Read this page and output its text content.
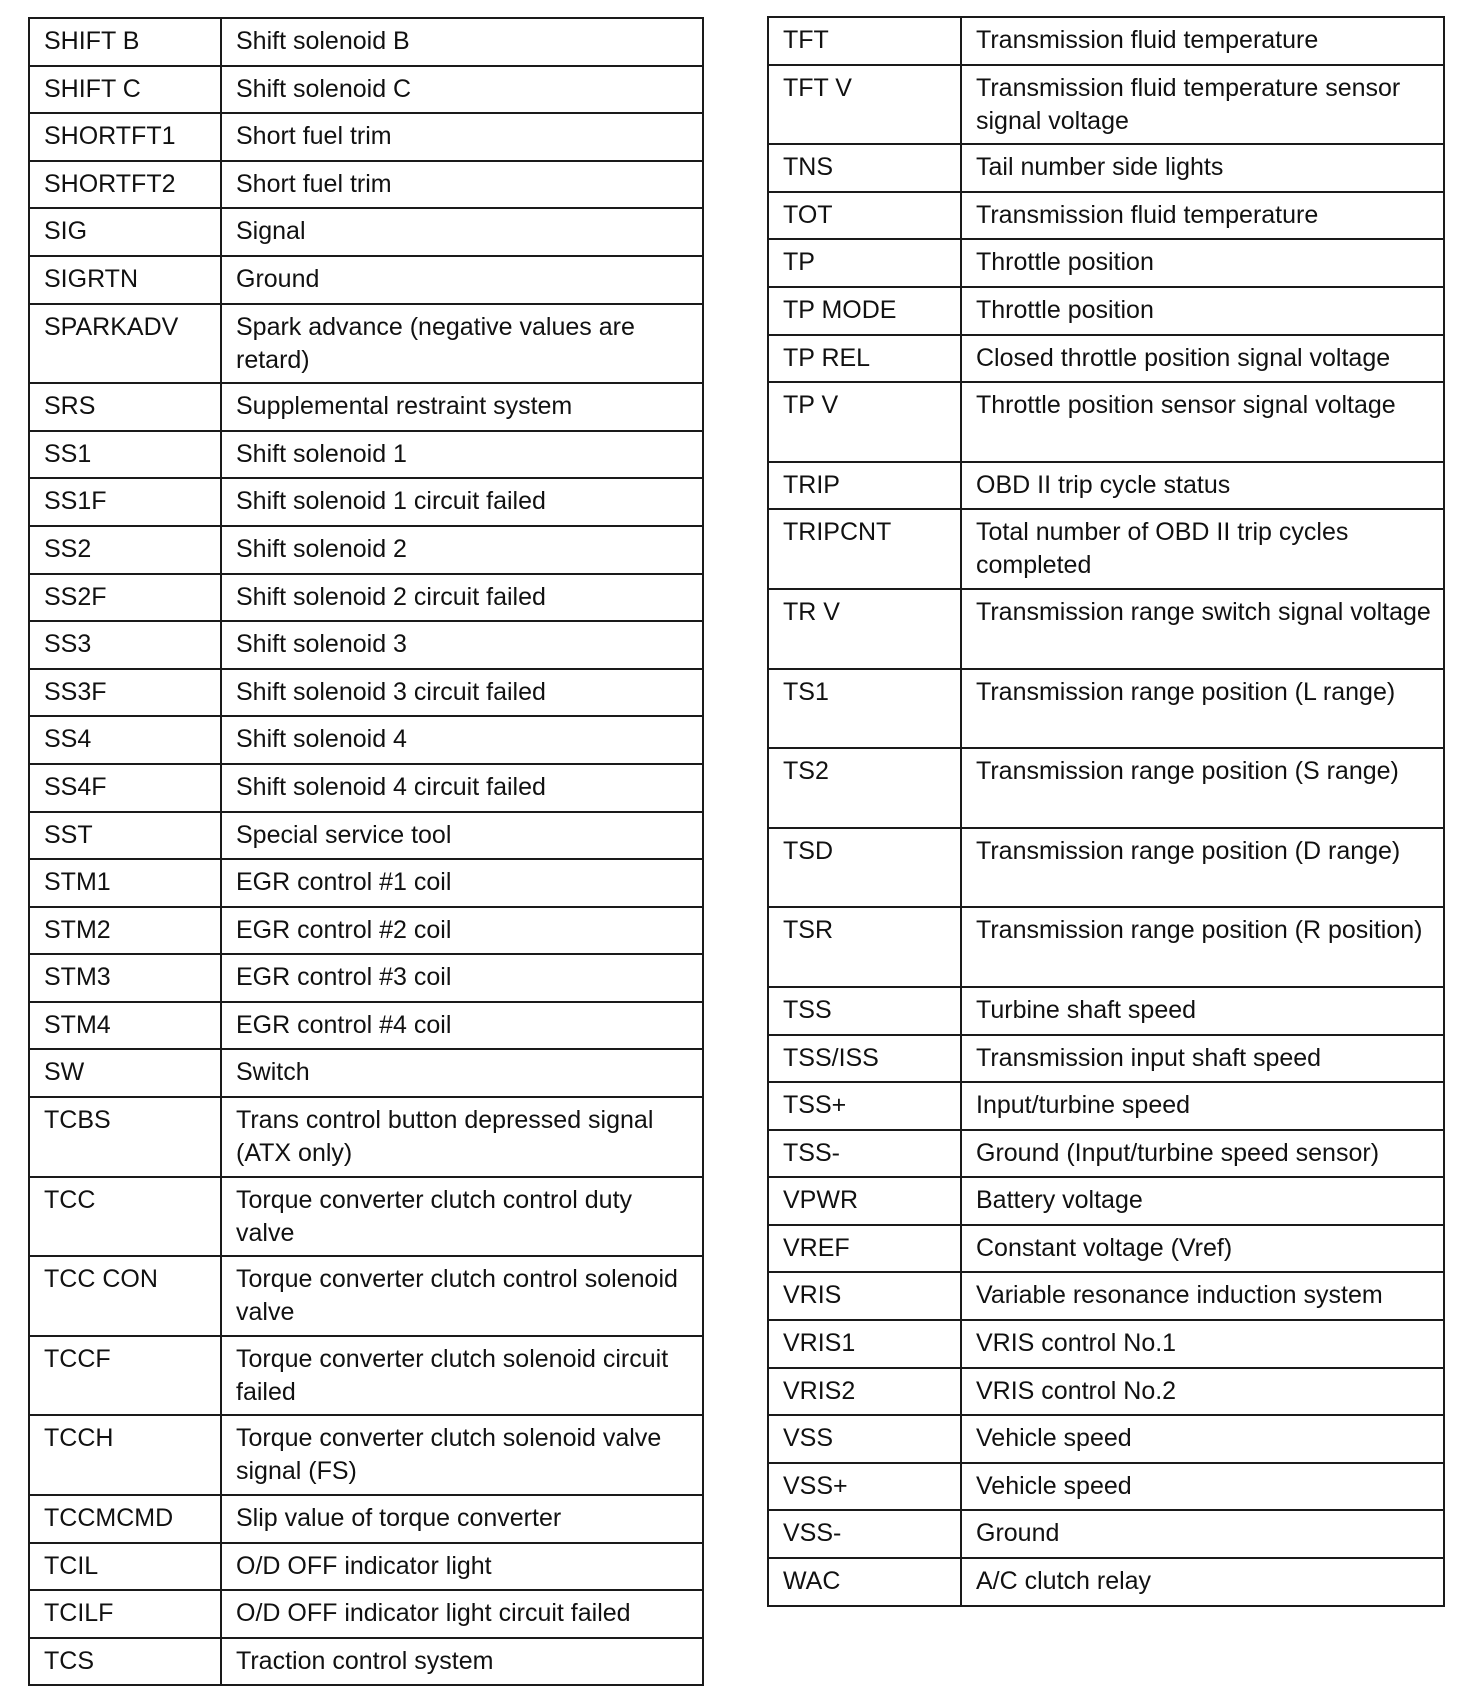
SHIFT B	Shift solenoid B
SHIFT C	Shift solenoid C
SHORTFT1	Short fuel trim
SHORTFT2	Short fuel trim
SIG	Signal
SIGRTN	Ground
SPARKADV	Spark advance (negative values are retard)
SRS	Supplemental restraint system
SS1	Shift solenoid 1
SS1F	Shift solenoid 1 circuit failed
SS2	Shift solenoid 2
SS2F	Shift solenoid 2 circuit failed
SS3	Shift solenoid 3
SS3F	Shift solenoid 3 circuit failed
SS4	Shift solenoid 4
SS4F	Shift solenoid 4 circuit failed
SST	Special service tool
STM1	EGR control #1 coil
STM2	EGR control #2 coil
STM3	EGR control #3 coil
STM4	EGR control #4 coil
SW	Switch
TCBS	Trans control button depressed signal (ATX only)
TCC	Torque converter clutch control duty valve
TCC CON	Torque converter clutch control solenoid valve
TCCF	Torque converter clutch solenoid circuit failed
TCCH	Torque converter clutch solenoid valve signal (FS)
TCCMCMD	Slip value of torque converter
TCIL	O/D OFF indicator light
TCILF	O/D OFF indicator light circuit failed
TCS	Traction control system
TFT	Transmission fluid temperature
TFT V	Transmission fluid temperature sensor signal voltage
TNS	Tail number side lights
TOT	Transmission fluid temperature
TP	Throttle position
TP MODE	Throttle position
TP REL	Closed throttle position signal voltage
TP V	Throttle position sensor signal voltage
TRIP	OBD II trip cycle status
TRIPCNT	Total number of OBD II trip cycles completed
TR V	Transmission range switch signal voltage
TS1	Transmission range position (L range)
TS2	Transmission range position (S range)
TSD	Transmission range position (D range)
TSR	Transmission range position (R position)
TSS	Turbine shaft speed
TSS/ISS	Transmission input shaft speed
TSS+	Input/turbine speed
TSS-	Ground (Input/turbine speed sensor)
VPWR	Battery voltage
VREF	Constant voltage (Vref)
VRIS	Variable resonance induction system
VRIS1	VRIS control No.1
VRIS2	VRIS control No.2
VSS	Vehicle speed
VSS+	Vehicle speed
VSS-	Ground
WAC	A/C clutch relay
